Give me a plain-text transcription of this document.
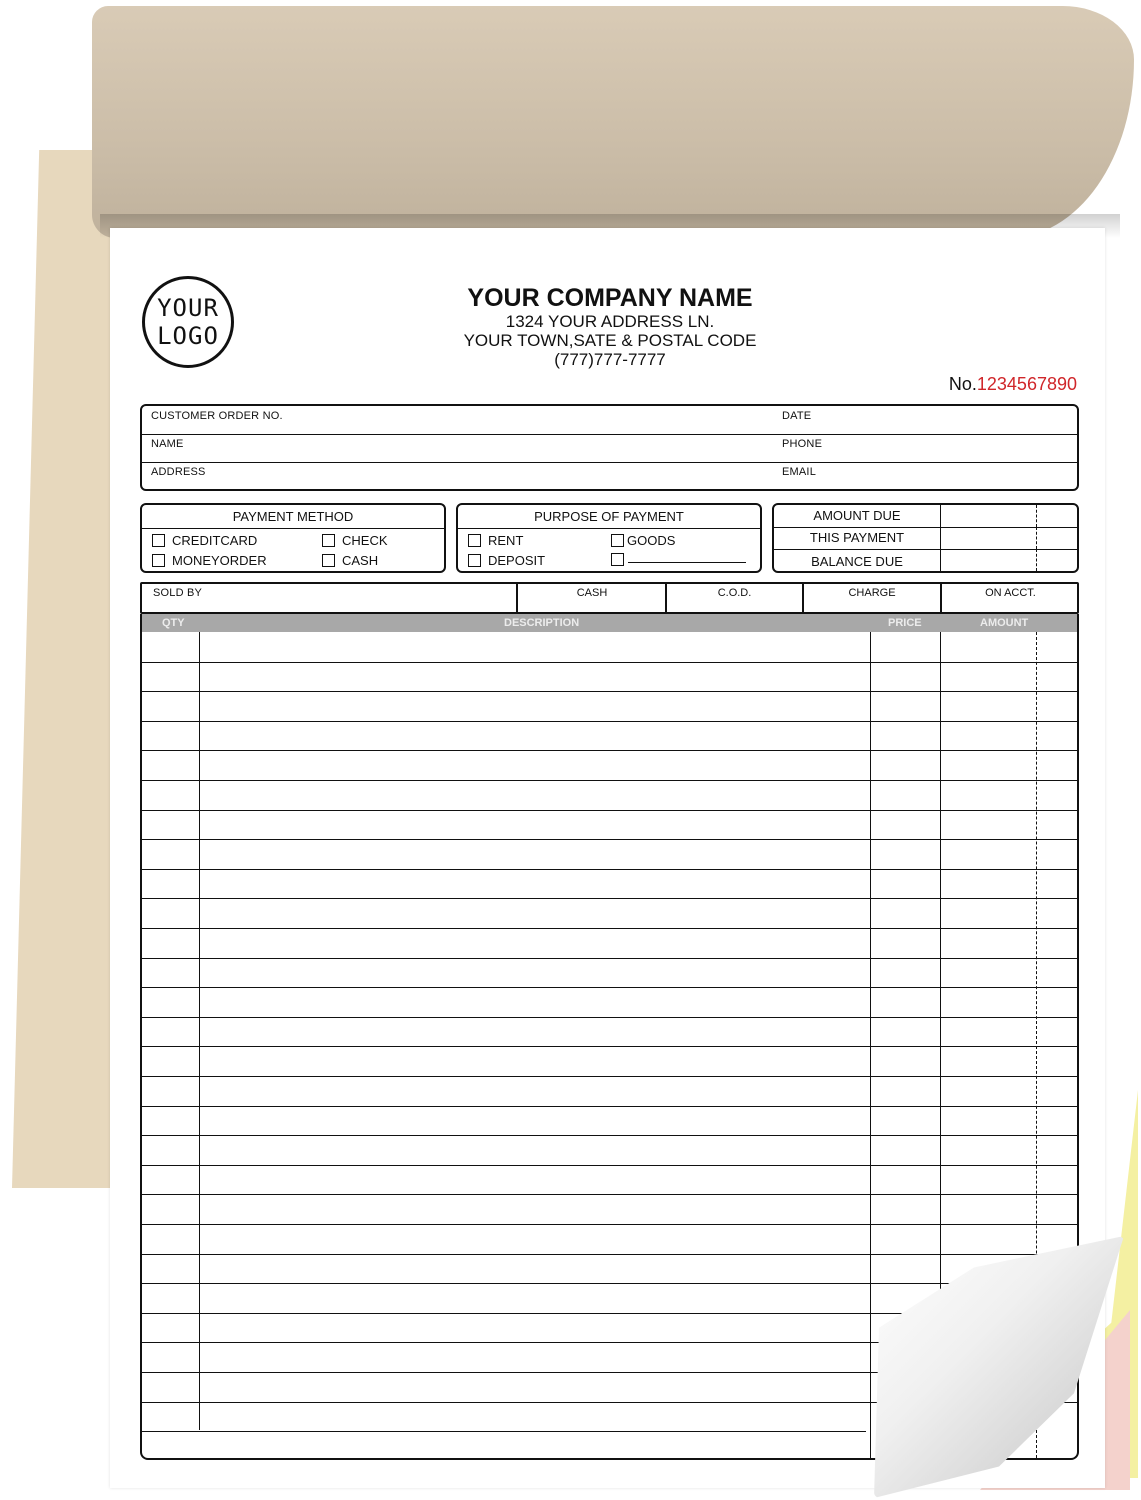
YOUR
LOGO
YOUR COMPANY NAME
1324 YOUR ADDRESS LN.
YOUR TOWN,SATE & POSTAL CODE
(777)777-7777
No.1234567890
CUSTOMER ORDER NO.	DATE
NAME	PHONE
ADDRESS	EMAIL
PAYMENT METHOD
CREDITCARD	CHECK
MONEYORDER	CASH
PURPOSE OF PAYMENT
RENT	GOODS
DEPOSIT
AMOUNT DUE
THIS PAYMENT
BALANCE DUE
SOLD BY	CASH	C.O.D.	CHARGE	ON ACCT.
QTY	DESCRIPTION	PRICE	AMOUNT
